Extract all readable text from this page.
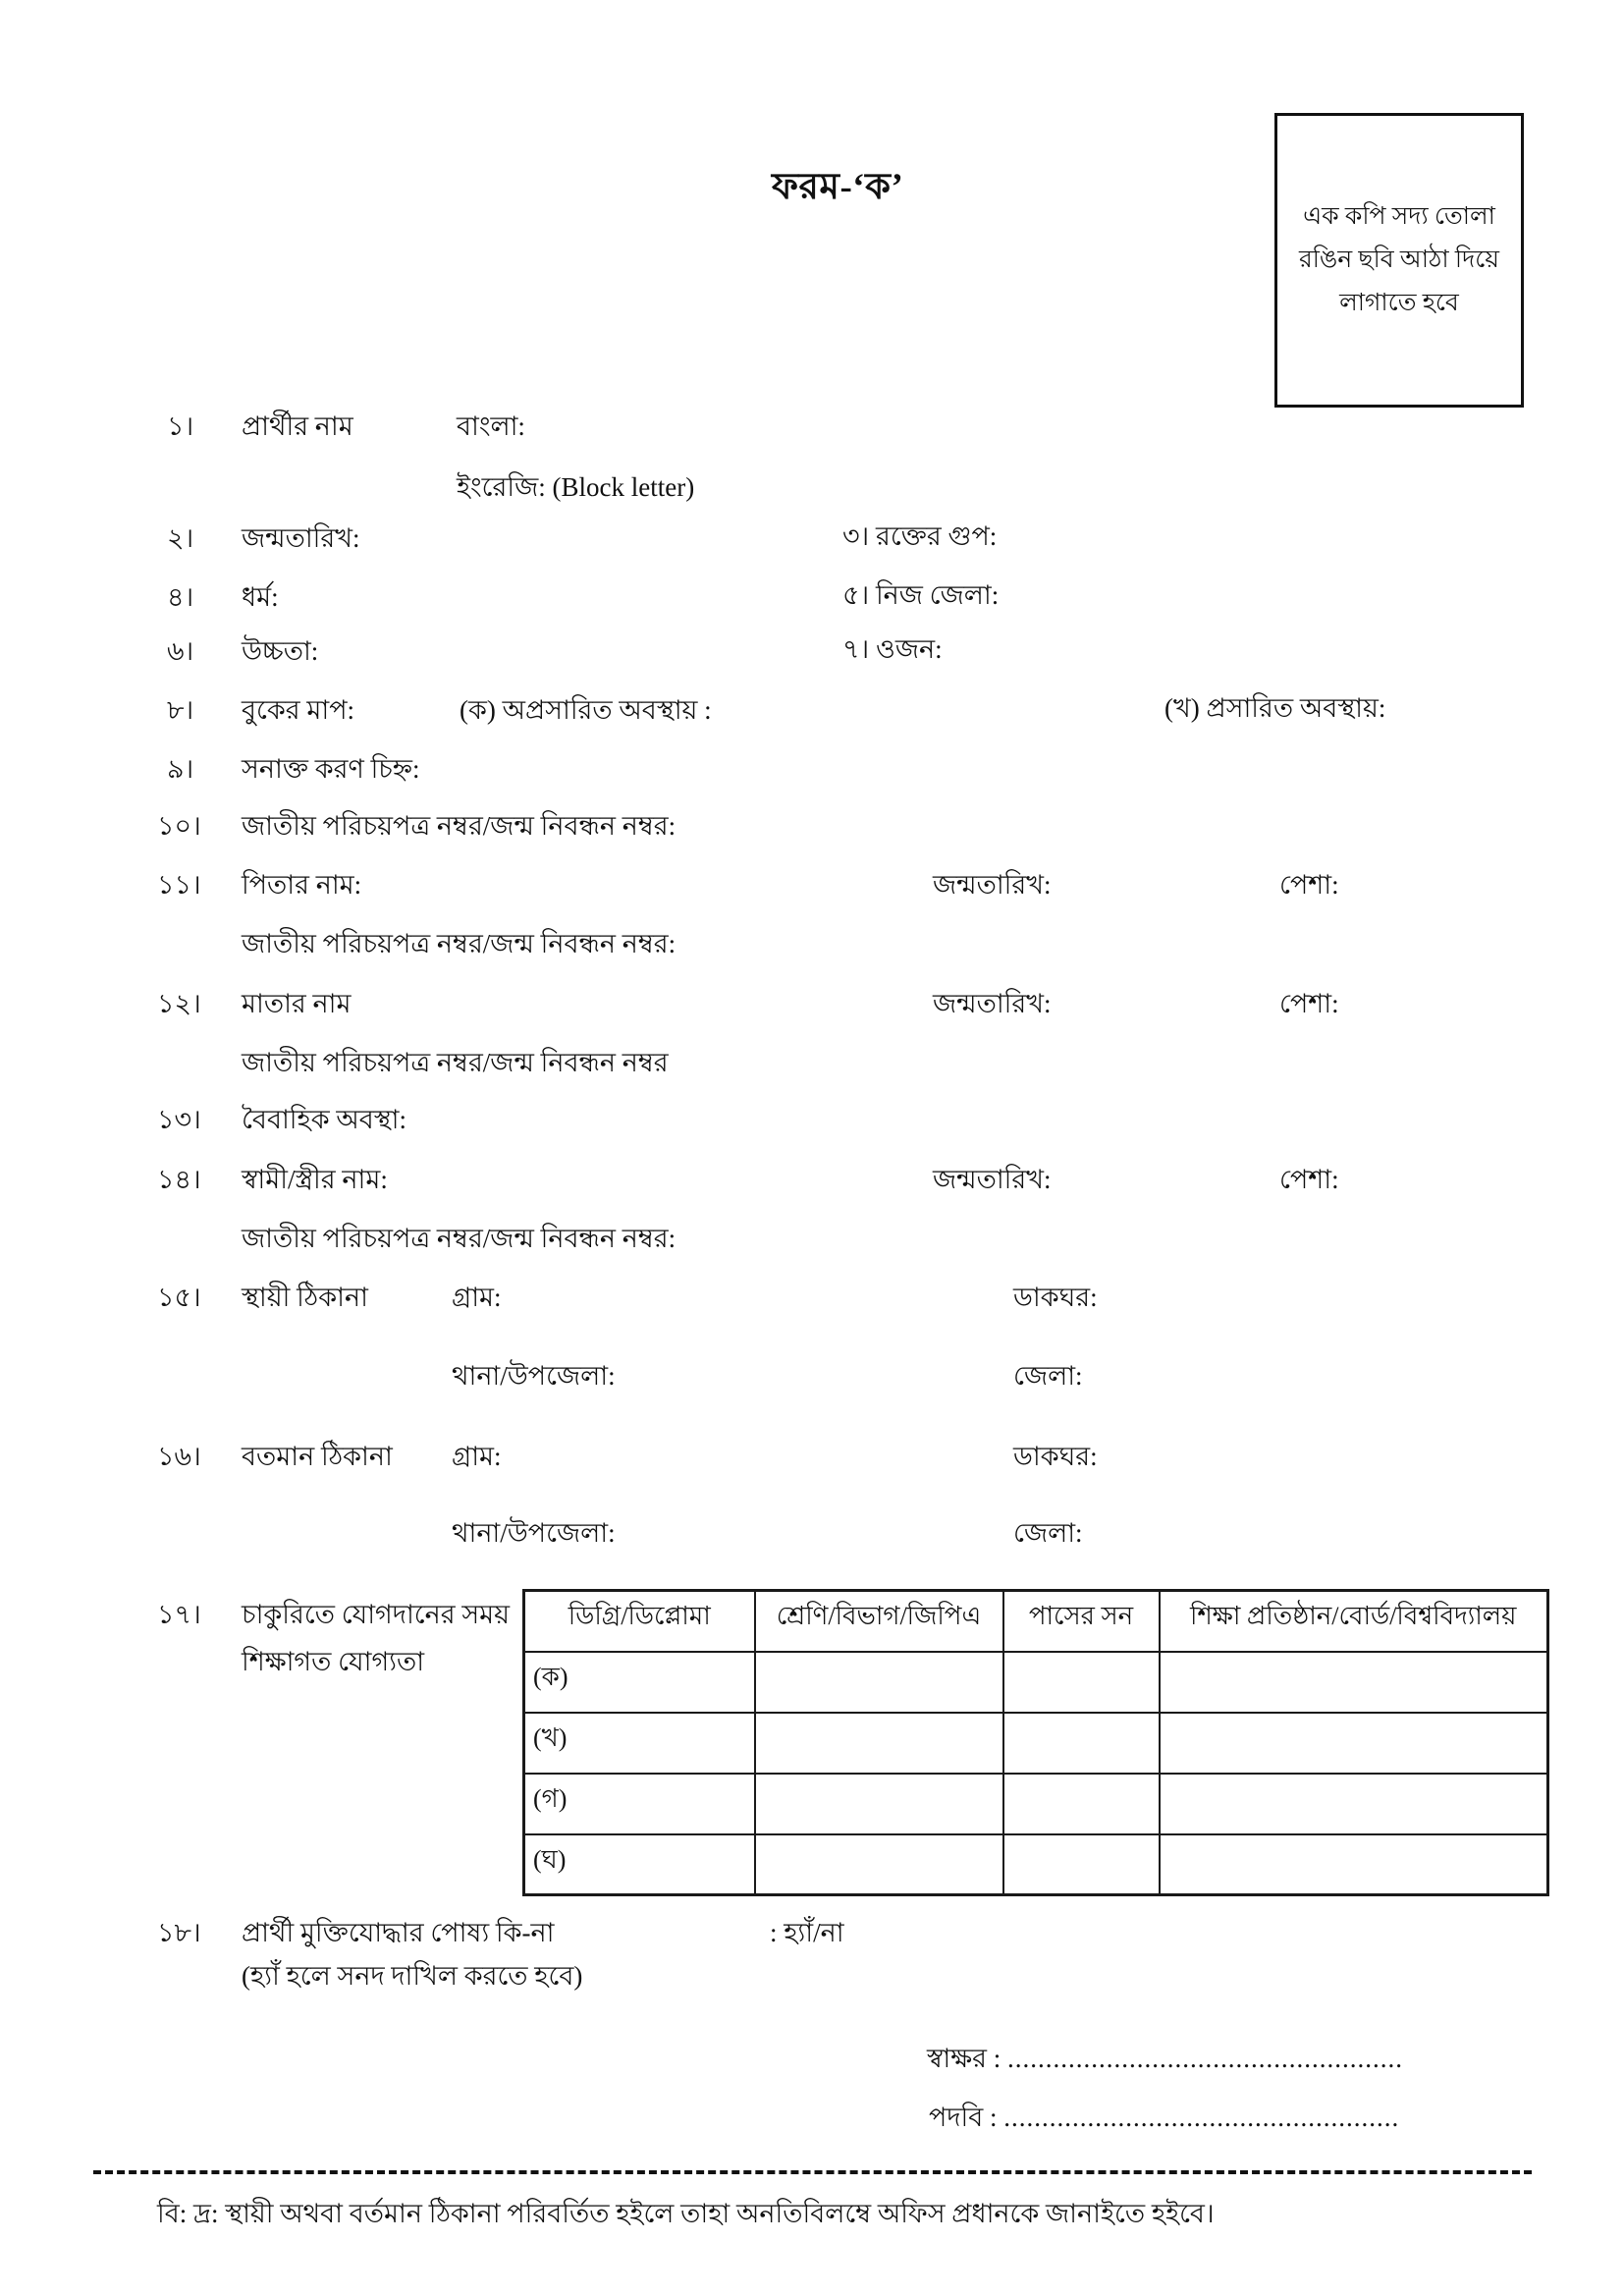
ফরম-‘ক’
এক কপি সদ্য তোলা
রঙিন ছবি আঠা দিয়ে
লাগাতে হবে
১। প্রার্থীর নাম	বাংলা:
ইংরেজি: (Block letter)
২। জন্মতারিখ:	৩। রক্তের গুপ:
৪। ধর্ম:	৫। নিজ জেলা:
৬। উচ্চতা:	৭। ওজন:
৮। বুকের মাপ:	(ক) অপ্রসারিত অবস্থায় :	(খ) প্রসারিত অবস্থায়:
৯। সনাক্ত করণ চিহ্ন:
১০। জাতীয় পরিচয়পত্র নম্বর/জন্ম নিবন্ধন নম্বর:
১১। পিতার নাম:	জন্মতারিখ:	পেশা:
জাতীয় পরিচয়পত্র নম্বর/জন্ম নিবন্ধন নম্বর:
১২। মাতার নাম	জন্মতারিখ:	পেশা:
জাতীয় পরিচয়পত্র নম্বর/জন্ম নিবন্ধন নম্বর
১৩। বৈবাহিক অবস্থা:
১৪। স্বামী/স্ত্রীর নাম:	জন্মতারিখ:	পেশা:
জাতীয় পরিচয়পত্র নম্বর/জন্ম নিবন্ধন নম্বর:
১৫। স্থায়ী ঠিকানা	গ্রাম:	ডাকঘর:
থানা/উপজেলা:	জেলা:
১৬। বতমান ঠিকানা গ্রাম:	ডাকঘর:
থানা/উপজেলা:	জেলা:
১৭। চাকুরিতে যোগদানের সময়
শিক্ষাগত যোগ্যতা
ডিগ্রি/ডিপ্লোমা	শ্রেণি/বিভাগ/জিপিএ	পাসের সন	শিক্ষা প্রতিষ্ঠান/বোর্ড/বিশ্ববিদ্যালয়
(ক)			
(খ)			
(গ)			
(ঘ)			
১৮। প্রার্থী মুক্তিযোদ্ধার পোষ্য কি-না	: হ্যাঁ/না
(হ্যাঁ হলে সনদ দাখিল করতে হবে)
স্বাক্ষর : ....................................................
পদবি : ....................................................
বি: দ্র: স্থায়ী অথবা বর্তমান ঠিকানা পরিবর্তিত হইলে তাহা অনতিবিলম্বে অফিস প্রধানকে জানাইতে হইবে।
